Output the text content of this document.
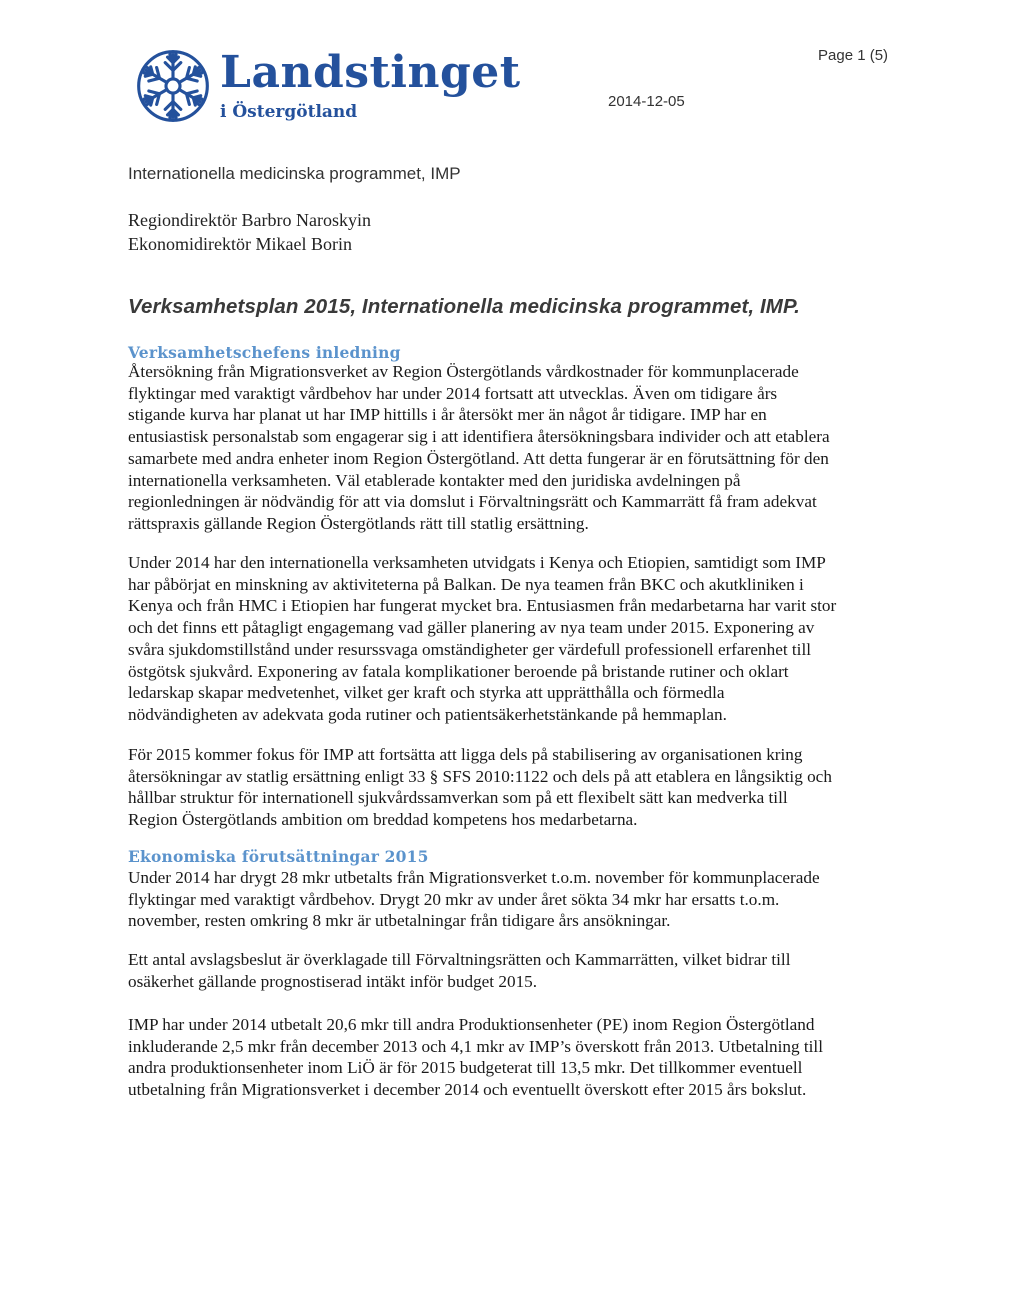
Landstinget
i Östergötland
Page 1 (5)
2014-12-05
Internationella medicinska programmet, IMP
Regiondirektör Barbro Naroskyin
Ekonomidirektör Mikael Borin
Verksamhetsplan 2015, Internationella medicinska programmet, IMP.
Verksamhetschefens inledning
Återsökning från Migrationsverket av Region Östergötlands vårdkostnader för kommunplacerade
flyktingar med varaktigt vårdbehov har under 2014 fortsatt att utvecklas. Även om tidigare års
stigande kurva har planat ut har IMP hittills i år återsökt mer än något år tidigare. IMP har en
entusiastisk personalstab som engagerar sig i att identifiera återsökningsbara individer och att etablera
samarbete med andra enheter inom Region Östergötland. Att detta fungerar är en förutsättning för den
internationella verksamheten. Väl etablerade kontakter med den juridiska avdelningen på
regionledningen är nödvändig för att via domslut i Förvaltningsrätt och Kammarrätt få fram adekvat
rättspraxis gällande Region Östergötlands rätt till statlig ersättning.
Under 2014 har den internationella verksamheten utvidgats i Kenya och Etiopien, samtidigt som IMP
har påbörjat en minskning av aktiviteterna på Balkan. De nya teamen från BKC och akutkliniken i
Kenya och från HMC i Etiopien har fungerat mycket bra. Entusiasmen från medarbetarna har varit stor
och det finns ett påtagligt engagemang vad gäller planering av nya team under 2015. Exponering av
svåra sjukdomstillstånd under resurssvaga omständigheter ger värdefull professionell erfarenhet till
östgötsk sjukvård. Exponering av fatala komplikationer beroende på bristande rutiner och oklart
ledarskap skapar medvetenhet, vilket ger kraft och styrka att upprätthålla och förmedla
nödvändigheten av adekvata goda rutiner och patientsäkerhetstänkande på hemmaplan.
För 2015 kommer fokus för IMP att fortsätta att ligga dels på stabilisering av organisationen kring
återsökningar av statlig ersättning enligt 33 § SFS 2010:1122 och dels på att etablera en långsiktig och
hållbar struktur för internationell sjukvårdssamverkan som på ett flexibelt sätt kan medverka till
Region Östergötlands ambition om breddad kompetens hos medarbetarna.
Ekonomiska förutsättningar 2015
Under 2014 har drygt 28 mkr utbetalts från Migrationsverket t.o.m. november för kommunplacerade
flyktingar med varaktigt vårdbehov. Drygt 20 mkr av under året sökta 34 mkr har ersatts t.o.m.
november, resten omkring 8 mkr är utbetalningar från tidigare års ansökningar.
Ett antal avslagsbeslut är överklagade till Förvaltningsrätten och Kammarrätten, vilket bidrar till
osäkerhet gällande prognostiserad intäkt inför budget 2015.
IMP har under 2014 utbetalt 20,6 mkr till andra Produktionsenheter (PE) inom Region Östergötland
inkluderande 2,5 mkr från december 2013 och 4,1 mkr av IMP’s överskott från 2013. Utbetalning till
andra produktionsenheter inom LiÖ är för 2015 budgeterat till 13,5 mkr. Det tillkommer eventuell
utbetalning från Migrationsverket i december 2014 och eventuellt överskott efter 2015 års bokslut.
